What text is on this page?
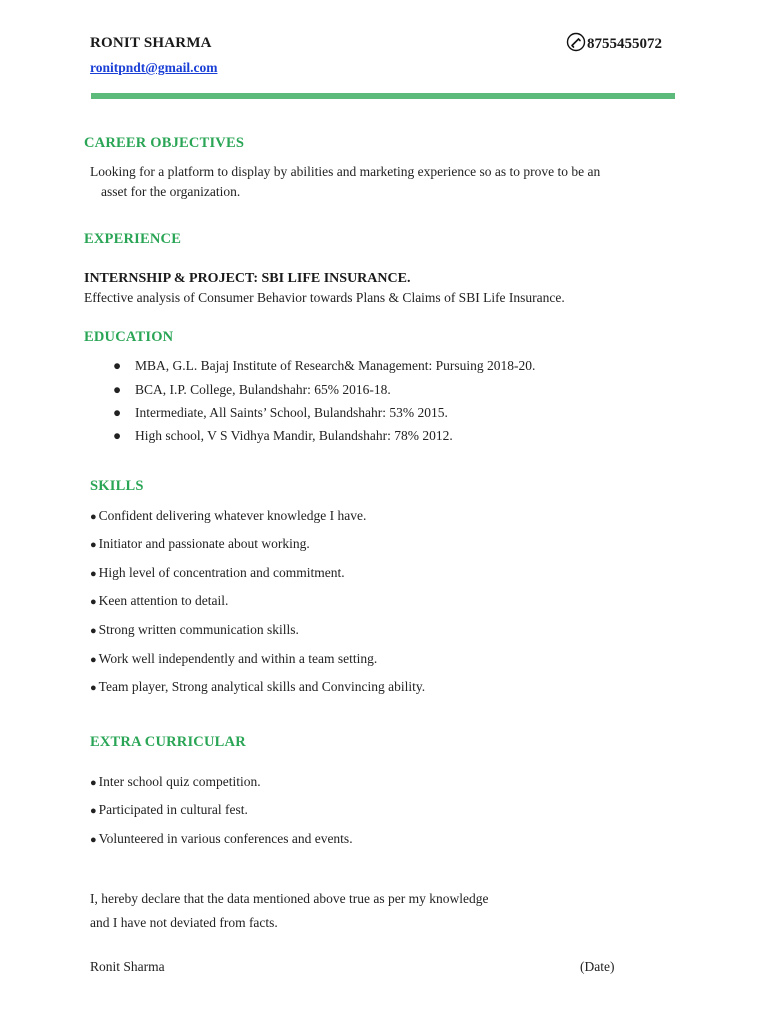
RONIT SHARMA	8755455072
ronitpndt@gmail.com
CAREER OBJECTIVES
Looking for a platform to display by abilities and marketing experience so as to prove to be an
asset for the organization.
EXPERIENCE
INTERNSHIP & PROJECT: SBI LIFE INSURANCE.
Effective analysis of Consumer Behavior towards Plans & Claims of SBI Life Insurance.
EDUCATION
● MBA, G.L. Bajaj Institute of Research& Management: Pursuing 2018-20.
● BCA, I.P. College, Bulandshahr: 65% 2016-18.
● Intermediate, All Saints’ School, Bulandshahr: 53% 2015.
● High school, V S Vidhya Mandir, Bulandshahr: 78% 2012.
SKILLS
● Confident delivering whatever knowledge I have.
● Initiator and passionate about working.
● High level of concentration and commitment.
● Keen attention to detail.
● Strong written communication skills.
● Work well independently and within a team setting.
● Team player, Strong analytical skills and Convincing ability.
EXTRA CURRICULAR
● Inter school quiz competition.
● Participated in cultural fest.
● Volunteered in various conferences and events.
I, hereby declare that the data mentioned above true as per my knowledge
and I have not deviated from facts.
Ronit Sharma	(Date)
